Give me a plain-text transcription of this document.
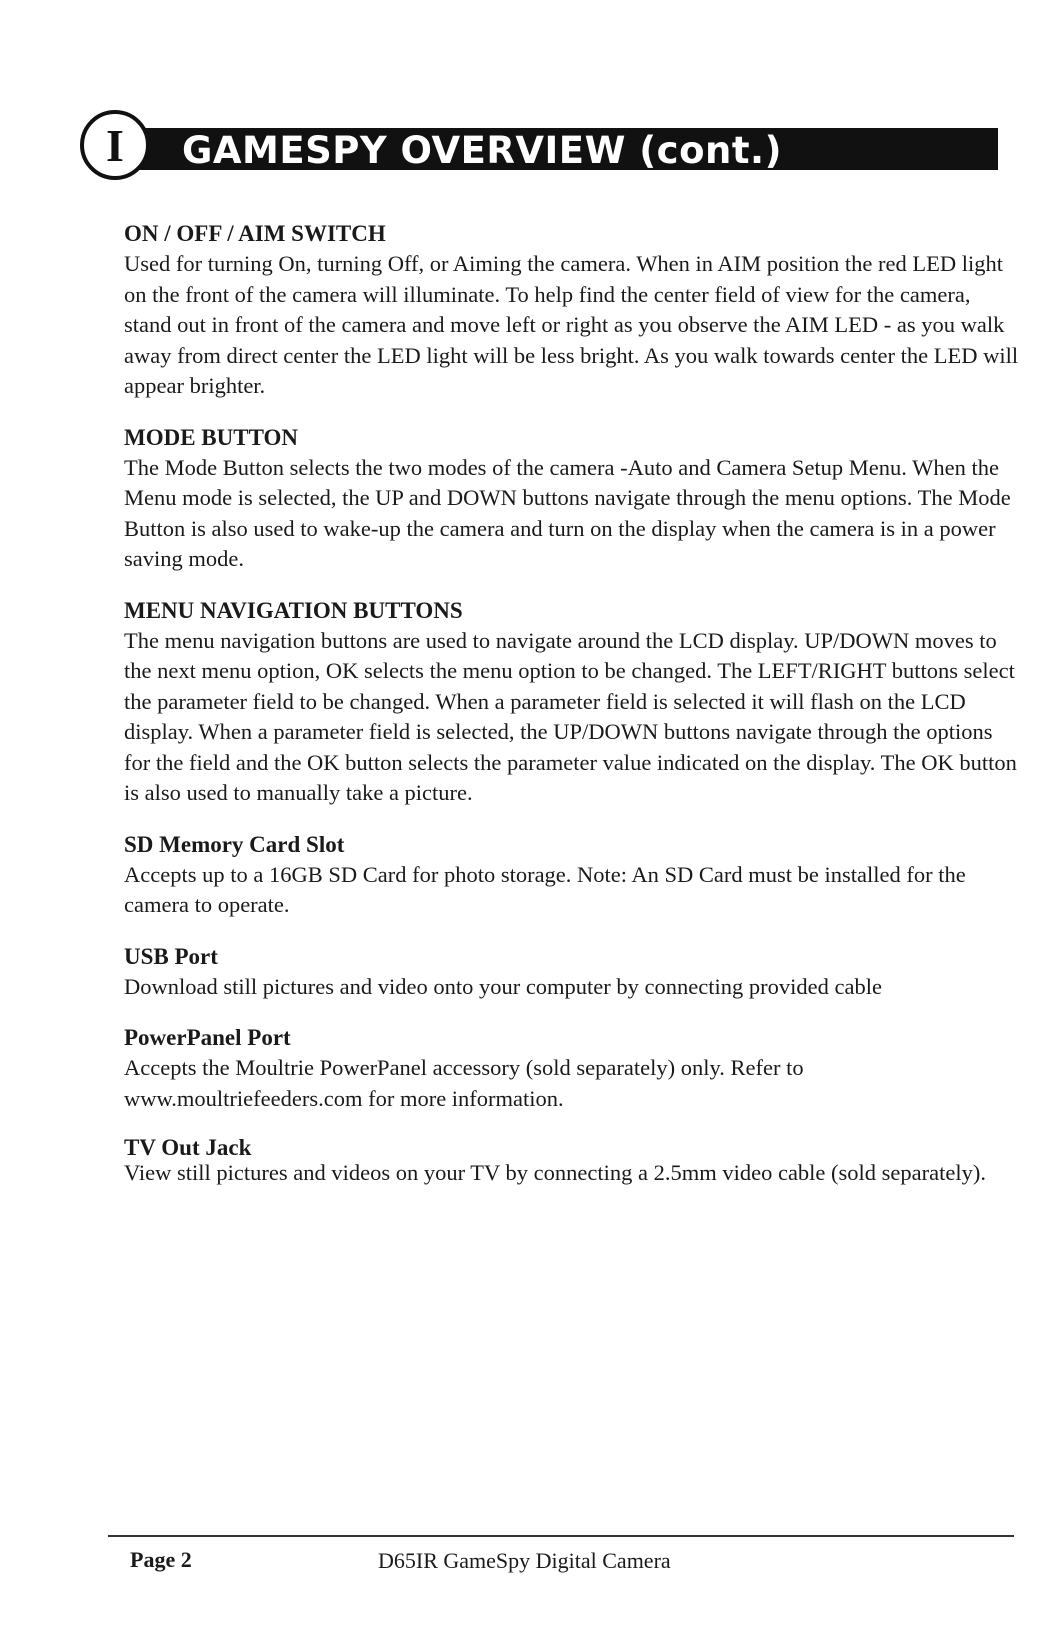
I GAMESPY OVERVIEW (cont.)

ON / OFF / AIM SWITCH

Used for turning On, turning Off, or Aiming the camera. When in AIM position the red LED light on the front of the camera will illuminate. To help find the center field of view for the camera, stand out in front of the camera and move left or right as you observe the AIM LED - as you walk away from direct center the LED light will be less bright. As you walk towards center the LED will appear brighter.

MODE BUTTON

The Mode Button selects the two modes of the camera -Auto and Camera Setup Menu. When the Menu mode is selected, the UP and DOWN buttons navigate through the menu options. The Mode Button is also used to wake-up the camera and turn on the display when the camera is in a power saving mode.

MENU NAVIGATION BUTTONS

The menu navigation buttons are used to navigate around the LCD display. UP/DOWN moves to the next menu option, OK selects the menu option to be changed. The LEFT/RIGHT buttons select the parameter field to be changed. When a parameter field is selected it will flash on the LCD display. When a parameter field is selected, the UP/DOWN buttons navigate through the options for the field and the OK button selects the parameter value indicated on the display. The OK button is also used to manually take a picture.

SD Memory Card Slot

Accepts up to a 16GB SD Card for photo storage. Note: An SD Card must be installed for the camera to operate.

USB Port

Download still pictures and video onto your computer by connecting provided cable

PowerPanel Port

Accepts the Moultrie PowerPanel accessory (sold separately) only. Refer to www.moultriefeeders.com for more information.

TV Out Jack

View still pictures and videos on your TV by connecting a 2.5mm video cable (sold separately).

Page 2	D65IR GameSpy Digital Camera
